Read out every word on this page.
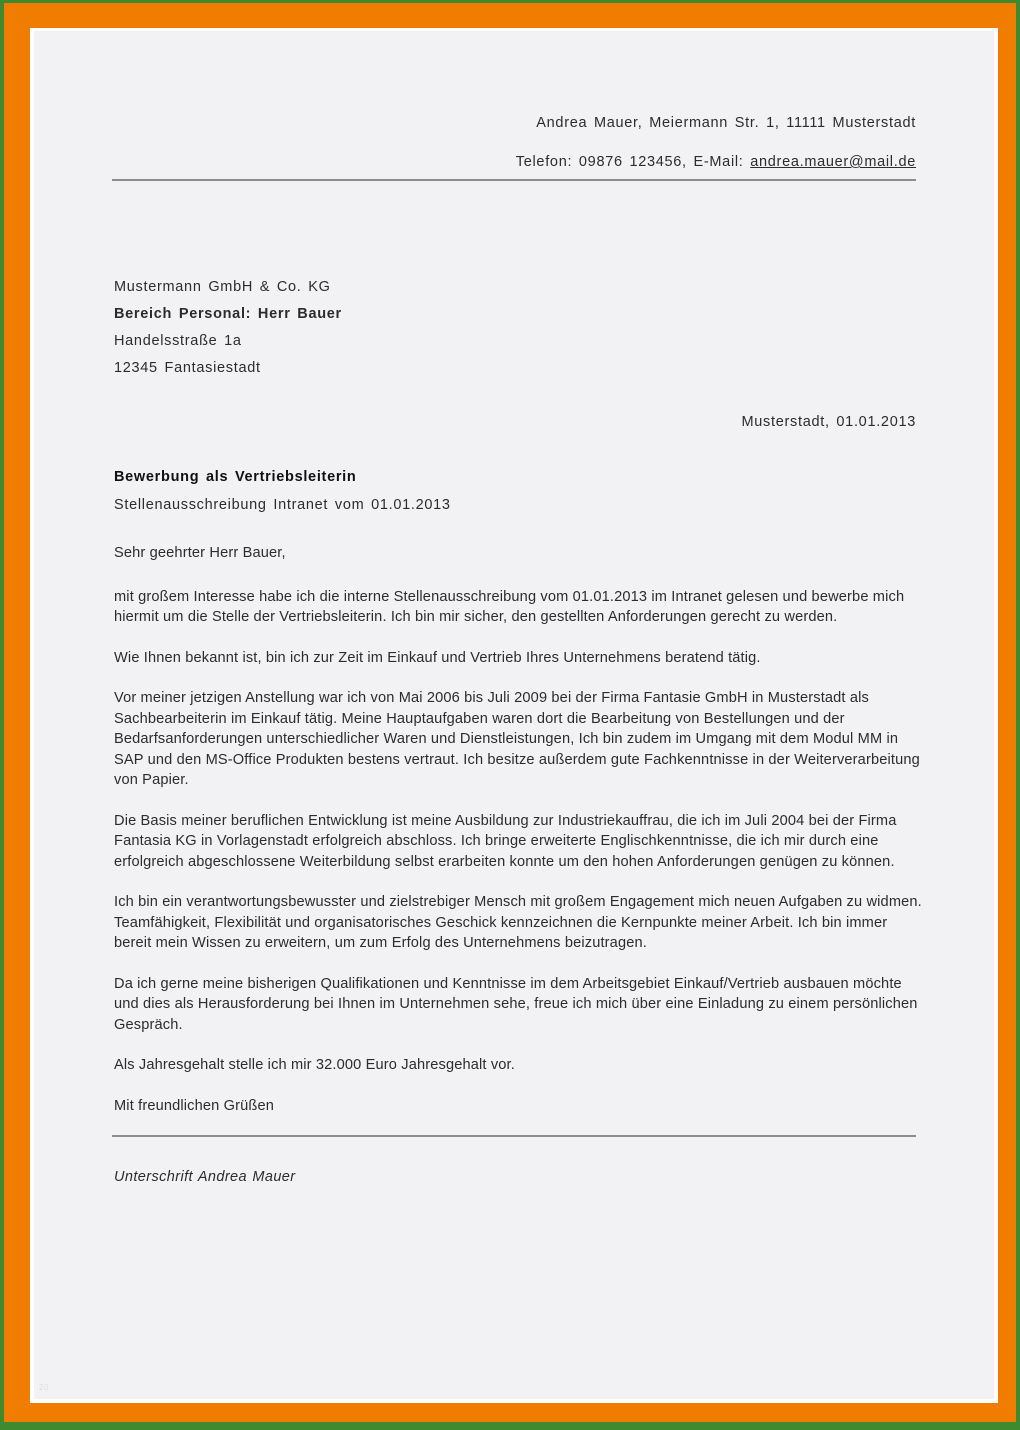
Andrea Mauer, Meiermann Str. 1, 11111 Musterstadt
Telefon: 09876 123456, E-Mail: andrea.mauer@mail.de
Mustermann GmbH & Co. KG
Bereich Personal: Herr Bauer
Handelsstraße 1a
12345 Fantasiestadt
Musterstadt, 01.01.2013
Bewerbung als Vertriebsleiterin
Stellenausschreibung Intranet vom 01.01.2013

Sehr geehrter Herr Bauer,

mit großem Interesse habe ich die interne Stellenausschreibung vom 01.01.2013 im Intranet gelesen und bewerbe mich hiermit um die Stelle der Vertriebsleiterin. Ich bin mir sicher, den gestellten Anforderungen gerecht zu werden.

Wie Ihnen bekannt ist, bin ich zur Zeit im Einkauf und Vertrieb Ihres Unternehmens beratend tätig.

Vor meiner jetzigen Anstellung war ich von Mai 2006 bis Juli 2009 bei der Firma Fantasie GmbH in Musterstadt als Sachbearbeiterin im Einkauf tätig. Meine Hauptaufgaben waren dort die Bearbeitung von Bestellungen und der Bedarfsanforderungen unterschiedlicher Waren und Dienstleistungen, Ich bin zudem im Umgang mit dem Modul MM in SAP und den MS-Office Produkten bestens vertraut. Ich besitze außerdem gute Fachkenntnisse in der Weiterverarbeitung von Papier.

Die Basis meiner beruflichen Entwicklung ist meine Ausbildung zur Industriekauffrau, die ich im Juli 2004 bei der Firma Fantasia KG in Vorlagenstadt erfolgreich abschloss. Ich bringe erweiterte Englischkenntnisse, die ich mir durch eine erfolgreich abgeschlossene Weiterbildung selbst erarbeiten konnte um den hohen Anforderungen genügen zu können.

Ich bin ein verantwortungsbewusster und zielstrebiger Mensch mit großem Engagement mich neuen Aufgaben zu widmen. Teamfähigkeit, Flexibilität und organisatorisches Geschick kennzeichnen die Kernpunkte meiner Arbeit. Ich bin immer bereit mein Wissen zu erweitern, um zum Erfolg des Unternehmens beizutragen.

Da ich gerne meine bisherigen Qualifikationen und Kenntnisse im dem Arbeitsgebiet Einkauf/Vertrieb ausbauen möchte und dies als Herausforderung bei Ihnen im Unternehmen sehe, freue ich mich über eine Einladung zu einem persönlichen Gespräch.

Als Jahresgehalt stelle ich mir 32.000 Euro Jahresgehalt vor.

Mit freundlichen Grüßen

Unterschrift Andrea Mauer
20
